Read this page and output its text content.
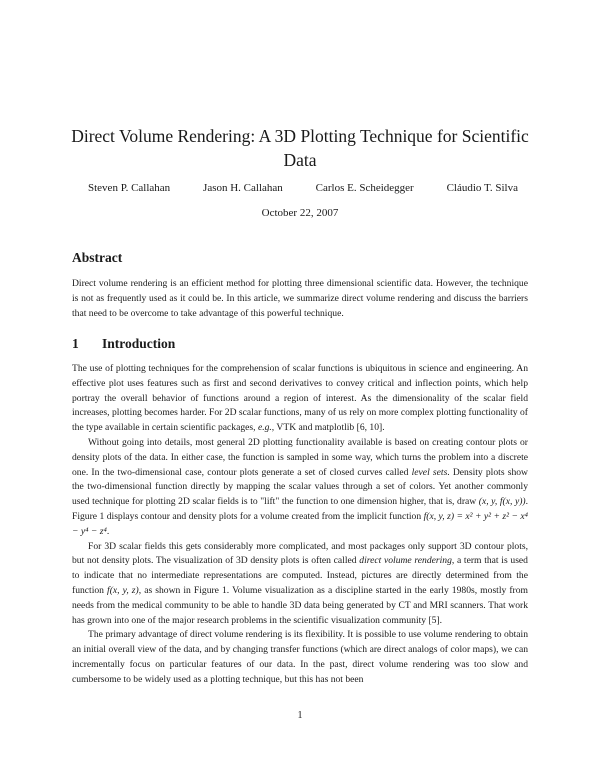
Direct Volume Rendering: A 3D Plotting Technique for Scientific Data
Steven P. Callahan	Jason H. Callahan	Carlos E. Scheidegger	Cláudio T. Silva
October 22, 2007
Abstract
Direct volume rendering is an efficient method for plotting three dimensional scientific data. However, the technique is not as frequently used as it could be. In this article, we summarize direct volume rendering and discuss the barriers that need to be overcome to take advantage of this powerful technique.
1 Introduction

The use of plotting techniques for the comprehension of scalar functions is ubiquitous in science and engineering. An effective plot uses features such as first and second derivatives to convey critical and inflection points, which help portray the overall behavior of functions around a region of interest. As the dimensionality of the scalar field increases, plotting becomes harder. For 2D scalar functions, many of us rely on more complex plotting functionality of the type available in certain scientific packages, e.g., VTK and matplotlib [6, 10].

Without going into details, most general 2D plotting functionality available is based on creating contour plots or density plots of the data. In either case, the function is sampled in some way, which turns the problem into a discrete one. In the two-dimensional case, contour plots generate a set of closed curves called level sets. Density plots show the two-dimensional function directly by mapping the scalar values through a set of colors. Yet another commonly used technique for plotting 2D scalar fields is to "lift" the function to one dimension higher, that is, draw (x, y, f(x, y)). Figure 1 displays contour and density plots for a volume created from the implicit function f(x, y, z) = x² + y² + z² − x⁴ − y⁴ − z⁴.

For 3D scalar fields this gets considerably more complicated, and most packages only support 3D contour plots, but not density plots. The visualization of 3D density plots is often called direct volume rendering, a term that is used to indicate that no intermediate representations are computed. Instead, pictures are directly determined from the function f(x, y, z), as shown in Figure 1. Volume visualization as a discipline started in the early 1980s, mostly from needs from the medical community to be able to handle 3D data being generated by CT and MRI scanners. That work has grown into one of the major research problems in the scientific visualization community [5].

The primary advantage of direct volume rendering is its flexibility. It is possible to use volume rendering to obtain an initial overall view of the data, and by changing transfer functions (which are direct analogs of color maps), we can incrementally focus on particular features of our data. In the past, direct volume rendering was too slow and cumbersome to be widely used as a plotting technique, but this has not been

1
